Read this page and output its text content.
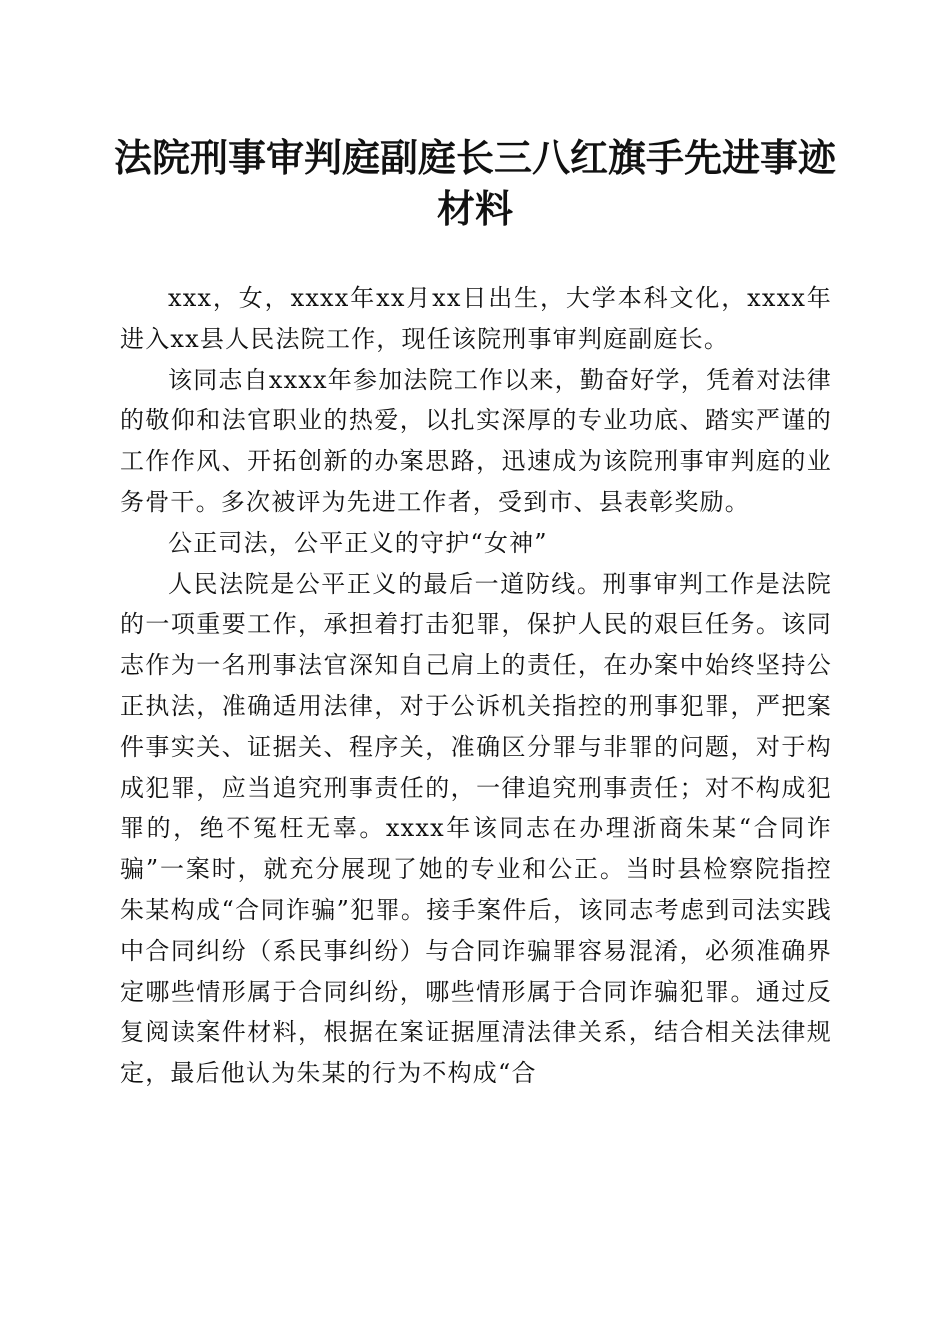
法院刑事审判庭副庭长三八红旗手先进事迹材料

xxx，女，xxxx年xx月xx日出生，大学本科文化，xxxx年进入xx县人民法院工作，现任该院刑事审判庭副庭长。

该同志自xxxx年参加法院工作以来，勤奋好学，凭着对法律的敬仰和法官职业的热爱，以扎实深厚的专业功底、踏实严谨的工作作风、开拓创新的办案思路，迅速成为该院刑事审判庭的业务骨干。多次被评为先进工作者，受到市、县表彰奖励。

公正司法，公平正义的守护“女神”

人民法院是公平正义的最后一道防线。刑事审判工作是法院的一项重要工作，承担着打击犯罪，保护人民的艰巨任务。该同志作为一名刑事法官深知自己肩上的责任，在办案中始终坚持公正执法，准确适用法律，对于公诉机关指控的刑事犯罪，严把案件事实关、证据关、程序关，准确区分罪与非罪的问题，对于构成犯罪，应当追究刑事责任的，一律追究刑事责任；对不构成犯罪的，绝不冤枉无辜。xxxx年该同志在办理浙商朱某“合同诈骗”一案时，就充分展现了她的专业和公正。当时县检察院指控朱某构成“合同诈骗”犯罪。接手案件后，该同志考虑到司法实践中合同纠纷（系民事纠纷）与合同诈骗罪容易混淆，必须准确界定哪些情形属于合同纠纷，哪些情形属于合同诈骗犯罪。通过反复阅读案件材料，根据在案证据厘清法律关系，结合相关法律规定，最后他认为朱某的行为不构成“合
